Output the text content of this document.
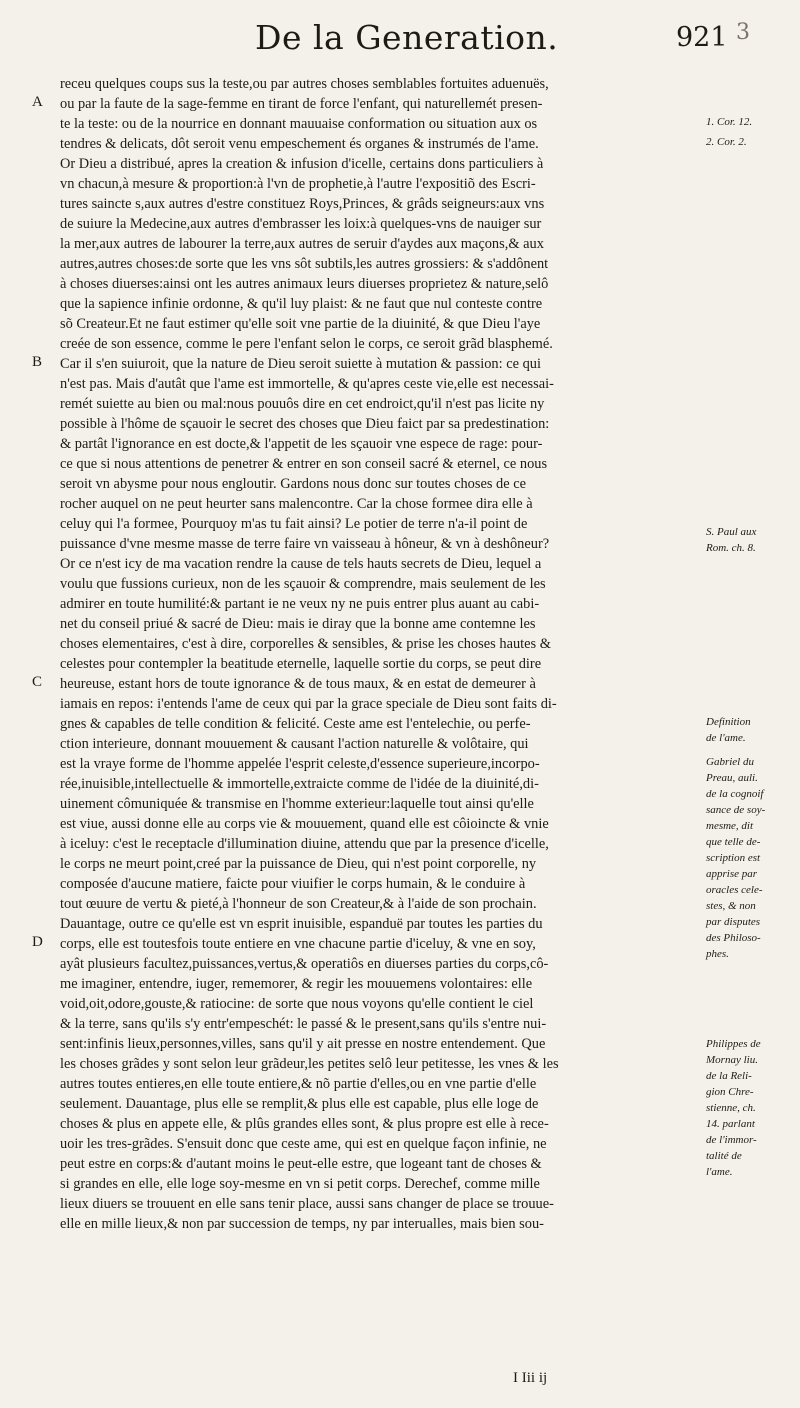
De la Generation.	921 3
A
B
C
D
receu quelques coups sus la teste,ou par autres choses semblables fortuites aduenuës,
ou par la faute de la sage-femme en tirant de force l'enfant, qui naturellemét presen-
te la teste: ou de la nourrice en donnant mauuaise conformation ou situation aux os
tendres & delicats, dôt seroit venu empeschement és organes & instrumés de l'ame.
Or Dieu a distribué, apres la creation & infusion d'icelle, certains dons particuliers à
vn chacun,à mesure & proportion:à l'vn de prophetie,à l'autre l'expositiõ des Escri-
tures saincte s,aux autres d'estre constituez Roys,Princes, & grâds seigneurs:aux vns
de suiure la Medecine,aux autres d'embrasser les loix:à quelques-vns de nauiger sur
la mer,aux autres de labourer la terre,aux autres de seruir d'aydes aux maçons,& aux
autres,autres choses:de sorte que les vns sôt subtils,les autres grossiers: & s'addônent
à choses diuerses:ainsi ont les autres animaux leurs diuerses proprietez & nature,selô
que la sapience infinie ordonne, & qu'il luy plaist: & ne faut que nul conteste contre
sõ Createur.Et ne faut estimer qu'elle soit vne partie de la diuinité, & que Dieu l'aye
creée de son essence, comme le pere l'enfant selon le corps, ce seroit grãd blasphemé.
Car il s'en suiuroit, que la nature de Dieu seroit suiette à mutation & passion: ce qui
n'est pas. Mais d'autât que l'ame est immortelle, & qu'apres ceste vie,elle est necessai-
remét suiette au bien ou mal:nous pouuôs dire en cet endroict,qu'il n'est pas licite ny
possible à l'hôme de sçauoir le secret des choses que Dieu faict par sa predestination:
& partât l'ignorance en est docte,& l'appetit de les sçauoir vne espece de rage: pour-
ce que si nous attentions de penetrer & entrer en son conseil sacré & eternel, ce nous
seroit vn abysme pour nous engloutir. Gardons nous donc sur toutes choses de ce
rocher auquel on ne peut heurter sans malencontre. Car la chose formee dira elle à
celuy qui l'a formee, Pourquoy m'as tu fait ainsi? Le potier de terre n'a-il point de
puissance d'vne mesme masse de terre faire vn vaisseau à hôneur, & vn à deshôneur?
Or ce n'est icy de ma vacation rendre la cause de tels hauts secrets de Dieu, lequel a
voulu que fussions curieux, non de les sçauoir & comprendre, mais seulement de les
admirer en toute humilité:& partant ie ne veux ny ne puis entrer plus auant au cabi-
net du conseil priué & sacré de Dieu: mais ie diray que la bonne ame contemne les
choses elementaires, c'est à dire, corporelles & sensibles, & prise les choses hautes &
celestes pour contempler la beatitude eternelle, laquelle sortie du corps, se peut dire
heureuse, estant hors de toute ignorance & de tous maux, & en estat de demeurer à
iamais en repos: i'entends l'ame de ceux qui par la grace speciale de Dieu sont faits di-
gnes & capables de telle condition & felicité. Ceste ame est l'entelechie, ou perfe-
ction interieure, donnant mouuement & causant l'action naturelle & volôtaire, qui
est la vraye forme de l'homme appelée l'esprit celeste,d'essence superieure,incorpo-
rée,inuisible,intellectuelle & immortelle,extraicte comme de l'idée de la diuinité,di-
uinement cômuniquée & transmise en l'homme exterieur:laquelle tout ainsi qu'elle
est viue, aussi donne elle au corps vie & mouuement, quand elle est côioincte & vnie
à iceluy: c'est le receptacle d'illumination diuine, attendu que par la presence d'icelle,
le corps ne meurt point,creé par la puissance de Dieu, qui n'est point corporelle, ny
composée d'aucune matiere, faicte pour viuifier le corps humain, & le conduire à
tout œuure de vertu & pieté,à l'honneur de son Createur,& à l'aide de son prochain.
Dauantage, outre ce qu'elle est vn esprit inuisible, espanduë par toutes les parties du
corps, elle est toutesfois toute entiere en vne chacune partie d'iceluy, & vne en soy,
ayât plusieurs facultez,puissances,vertus,& operatiôs en diuerses parties du corps,cô-
me imaginer, entendre, iuger, rememorer, & regir les mouuemens volontaires: elle
void,oit,odore,gouste,& ratiocine: de sorte que nous voyons qu'elle contient le ciel
& la terre, sans qu'ils s'y entr'empeschét: le passé & le present,sans qu'ils s'entre nui-
sent:infinis lieux,personnes,villes, sans qu'il y ait presse en nostre entendement. Que
les choses grãdes y sont selon leur grãdeur,les petites selô leur petitesse, les vnes & les
autres toutes entieres,en elle toute entiere,& nõ partie d'elles,ou en vne partie d'elle
seulement. Dauantage, plus elle se remplit,& plus elle est capable, plus elle loge de
choses & plus en appete elle, & plûs grandes elles sont, & plus propre est elle à rece-
uoir les tres-grãdes. S'ensuit donc que ceste ame, qui est en quelque façon infinie, ne
peut estre en corps:& d'autant moins le peut-elle estre, que logeant tant de choses &
si grandes en elle, elle loge soy-mesme en vn si petit corps. Derechef, comme mille
lieux diuers se trouuent en elle sans tenir place, aussi sans changer de place se trouue-
elle en mille lieux,& non par succession de temps, ny par interualles, mais bien sou-
1. Cor. 12.
2. Cor. 2.
S. Paul aux
Rom. ch. 8.
Definition
de l'ame.
Gabriel du
Preau, auli.
de la cognoif
sance de soy-
mesme, dit
que telle de-
scription est
apprise par
oracles cele-
stes, & non
par disputes
des Philoso-
phes.
Philippes de
Mornay liu.
de la Reli-
gion Chre-
stienne, ch.
14. parlant
de l'immor-
talité de
l'ame.
I Iii ij
